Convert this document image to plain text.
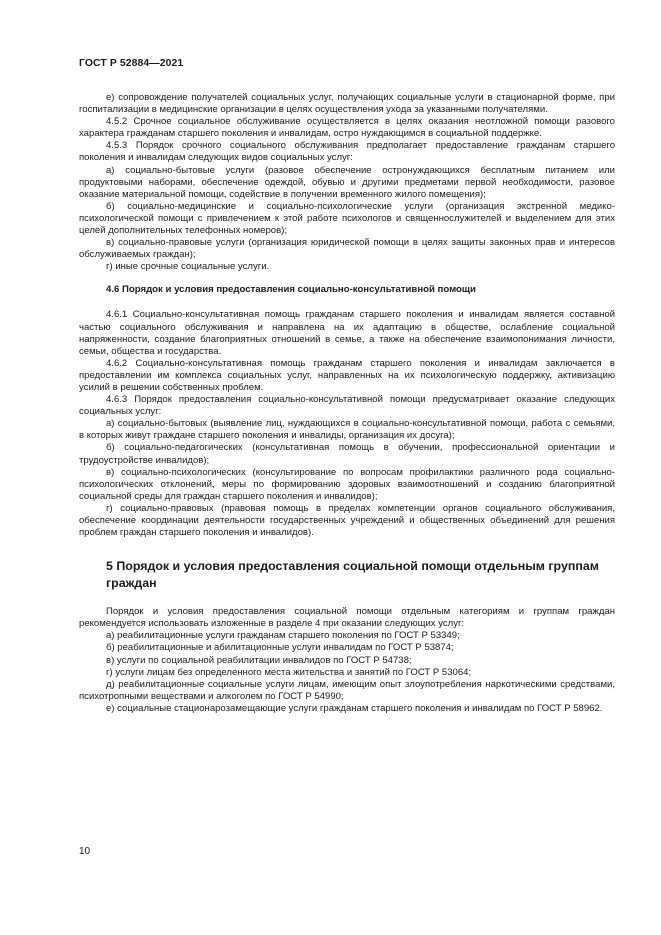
ГОСТ Р 52884—2021

е) сопровождение получателей социальных услуг, получающих социальные услуги в стационарной форме, при госпитализации в медицинские организации в целях осуществления ухода за указанными получателями.

4.5.2 Срочное социальное обслуживание осуществляется в целях оказания неотложной помощи разового характера гражданам старшего поколения и инвалидам, остро нуждающимся в социальной поддержке.

4.5.3 Порядок срочного социального обслуживания предполагает предоставление гражданам старшего поколения и инвалидам следующих видов социальных услуг:

а) социально-бытовые услуги (разовое обеспечение остронуждающихся бесплатным питанием или продуктовыми наборами, обеспечение одеждой, обувью и другими предметами первой необходимости, разовое оказание материальной помощи, содействие в получении временного жилого помещения);

б) социально-медицинские и социально-психологические услуги (организация экстренной медико-психологической помощи с привлечением к этой работе психологов и священнослужителей и выделением для этих целей дополнительных телефонных номеров);

в) социально-правовые услуги (организация юридической помощи в целях защиты законных прав и интересов обслуживаемых граждан);

г) иные срочные социальные услуги.

4.6 Порядок и условия предоставления социально-консультативной помощи

4.6.1 Социально-консультативная помощь гражданам старшего поколения и инвалидам является составной частью социального обслуживания и направлена на их адаптацию в обществе, ослабление социальной напряженности, создание благоприятных отношений в семье, а также на обеспечение взаимопонимания личности, семьи, общества и государства.

4.6.2 Социально-консультативная помощь гражданам старшего поколения и инвалидам заключается в предоставлении им комплекса социальных услуг, направленных на их психологическую поддержку, активизацию усилий в решении собственных проблем.

4.6.3 Порядок предоставления социально-консультативной помощи предусматривает оказание следующих социальных услуг:

а) социально-бытовых (выявление лиц, нуждающихся в социально-консультативной помощи, работа с семьями, в которых живут граждане старшего поколения и инвалиды, организация их досуга);

б) социально-педагогических (консультативная помощь в обучении, профессиональной ориентации и трудоустройстве инвалидов);

в) социально-психологических (консультирование по вопросам профилактики различного рода социально-психологических отклонений, меры по формированию здоровых взаимоотношений и созданию благоприятной социальной среды для граждан старшего поколения и инвалидов);

г) социально-правовых (правовая помощь в пределах компетенции органов социального обслуживания, обеспечение координации деятельности государственных учреждений и общественных объединений для решения проблем граждан старшего поколения и инвалидов).

5 Порядок и условия предоставления социальной помощи отдельным группам граждан

Порядок и условия предоставления социальной помощи отдельным категориям и группам граждан рекомендуется использовать изложенные в разделе 4 при оказании следующих услуг:

а) реабилитационные услуги гражданам старшего поколения по ГОСТ Р 53349;

б) реабилитационные и абилитационные услуги инвалидам по ГОСТ Р 53874;

в) услуги по социальной реабилитации инвалидов по ГОСТ Р 54738;

г) услуги лицам без определенного места жительства и занятий по ГОСТ Р 53064;

д) реабилитационные социальные услуги лицам, имеющим опыт злоупотребления наркотическими средствами, психотропными веществами и алкоголем по ГОСТ Р 54990;

е) социальные стационарозамещающие услуги гражданам старшего поколения и инвалидам по ГОСТ Р 58962.

10
